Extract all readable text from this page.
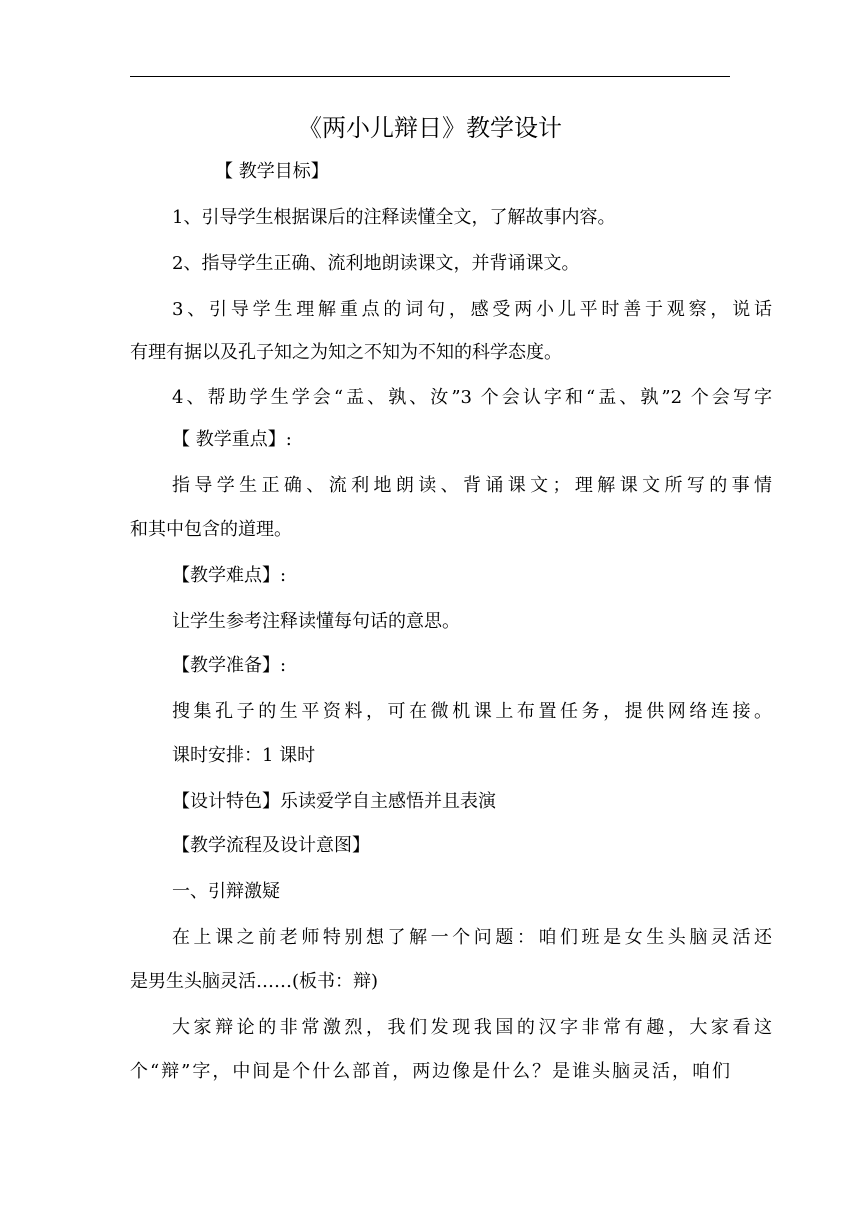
《两小儿辩日》教学设计
【 教学目标】
1、引导学生根据课后的注释读懂全文，了解故事内容。
2、指导学生正确、流利地朗读课文，并背诵课文。
3、引导学生理解重点的词句，感受两小儿平时善于观察，说话
有理有据以及孔子知之为知之不知为不知的科学态度。
4、帮助学生学会“盂、孰、汝”3 个会认字和“盂、孰”2 个会写字
【 教学重点】:
指导学生正确、流利地朗读、背诵课文；理解课文所写的事情
和其中包含的道理。
【教学难点】:
让学生参考注释读懂每句话的意思。
【教学准备】:
搜集孔子的生平资料，可在微机课上布置任务，提供网络连接。
课时安排：1 课时
【设计特色】乐读爱学自主感悟并且表演
【教学流程及设计意图】
一、引辩激疑
在上课之前老师特别想了解一个问题：咱们班是女生头脑灵活还
是男生头脑灵活……(板书：辩)
大家辩论的非常激烈，我们发现我国的汉字非常有趣，大家看这
个“辩”字，中间是个什么部首，两边像是什么？是谁头脑灵活，咱们
